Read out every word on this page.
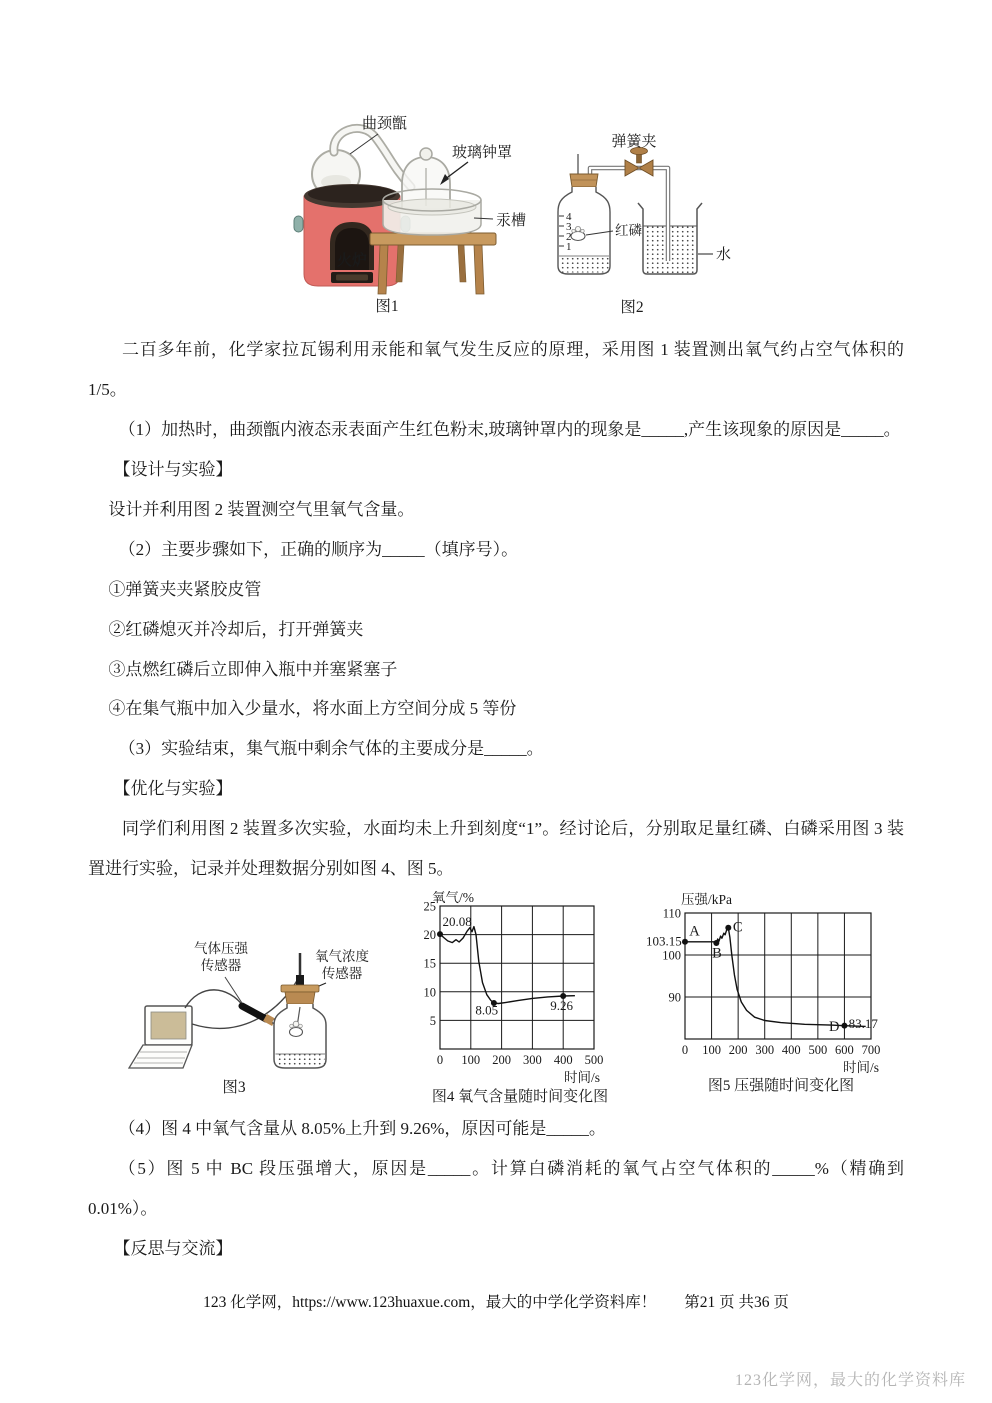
火炉
曲颈甑
玻璃钟罩
汞槽
图1
弹簧夹
4
3
2
1
红磷
水
图2

二百多年前，化学家拉瓦锡利用汞能和氧气发生反应的原理，采用图 1 装置测出氧气约占空气体积的 1/5。

（1）加热时，曲颈甑内液态汞表面产生红色粉末,玻璃钟罩内的现象是_____,产生该现象的原因是_____。

【设计与实验】

设计并利用图 2 装置测空气里氧气含量。

（2）主要步骤如下，正确的顺序为_____（填序号）。

①弹簧夹夹紧胶皮管

②红磷熄灭并冷却后，打开弹簧夹

③点燃红磷后立即伸入瓶中并塞紧塞子

④在集气瓶中加入少量水，将水面上方空间分成 5 等份

（3）实验结束，集气瓶中剩余气体的主要成分是_____。

【优化与实验】

同学们利用图 2 装置多次实验，水面均未上升到刻度“1”。经讨论后，分别取足量红磷、白磷采用图 3 装置进行实验，记录并处理数据分别如图 4、图 5。

气体压强
传感器
氧气浓度
传感器
图3
0 100 200 300 400 500
5
10
15
20
25
20.08
8.05	9.26
氧气/%
时间/s
图4 氧气含量随时间变化图
0 100 200 300 400 500 600 700
90
100
110
A
B
C
D 83.17
103.15
压强/kPa
时间/s
图5 压强随时间变化图

（4）图 4 中氧气含量从 8.05%上升到 9.26%，原因可能是_____。

（5）图 5 中 BC 段压强增大，原因是_____。计算白磷消耗的氧气占空气体积的_____%（精确到 0.01%）。

【反思与交流】

123 化学网，https://www.123huaxue.com，最大的中学化学资料库！ 第21 页 共36 页
123化学网，最大的化学资料库
